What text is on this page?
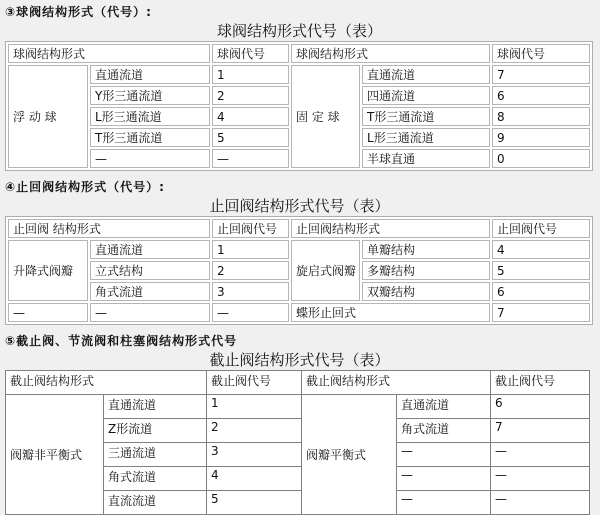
③球阀结构形式（代号）:
球阀结构形式代号（表）
球阀结构形式		球阀代号	球阀结构形式		球阀代号
浮 动 球	直通流道	1	固 定 球	直通流道	7
	Y形三通流道	2		四通流道	6
	L形三通流道	4		T形三通流道	8
	T形三通流道	5		L形三通流道	9
	—	—		半球直通	0
④止回阀结构形式（代号）:
止回阀结构形式代号（表）
止回阀 结构形式		止回阀代号	止回阀结构形式		止回阀代号
升降式阀瓣	直通流道	1	旋启式阀瓣	单瓣结构	4
	立式结构	2		多瓣结构	5
	角式流道	3		双瓣结构	6
—	—	—	蝶形止回式		7
⑤截止阀、节流阀和柱塞阀结构形式代号
截止阀结构形式代号（表）
截止阀结构形式		截止阀代号	截止阀结构形式		截止阀代号
阀瓣非平衡式	直通流道	1	阀瓣平衡式	直通流道	6
	Z形流道	2		角式流道	7
	三通流道	3		—	—
	角式流道	4		—	—
	直流流道	5		—	—
